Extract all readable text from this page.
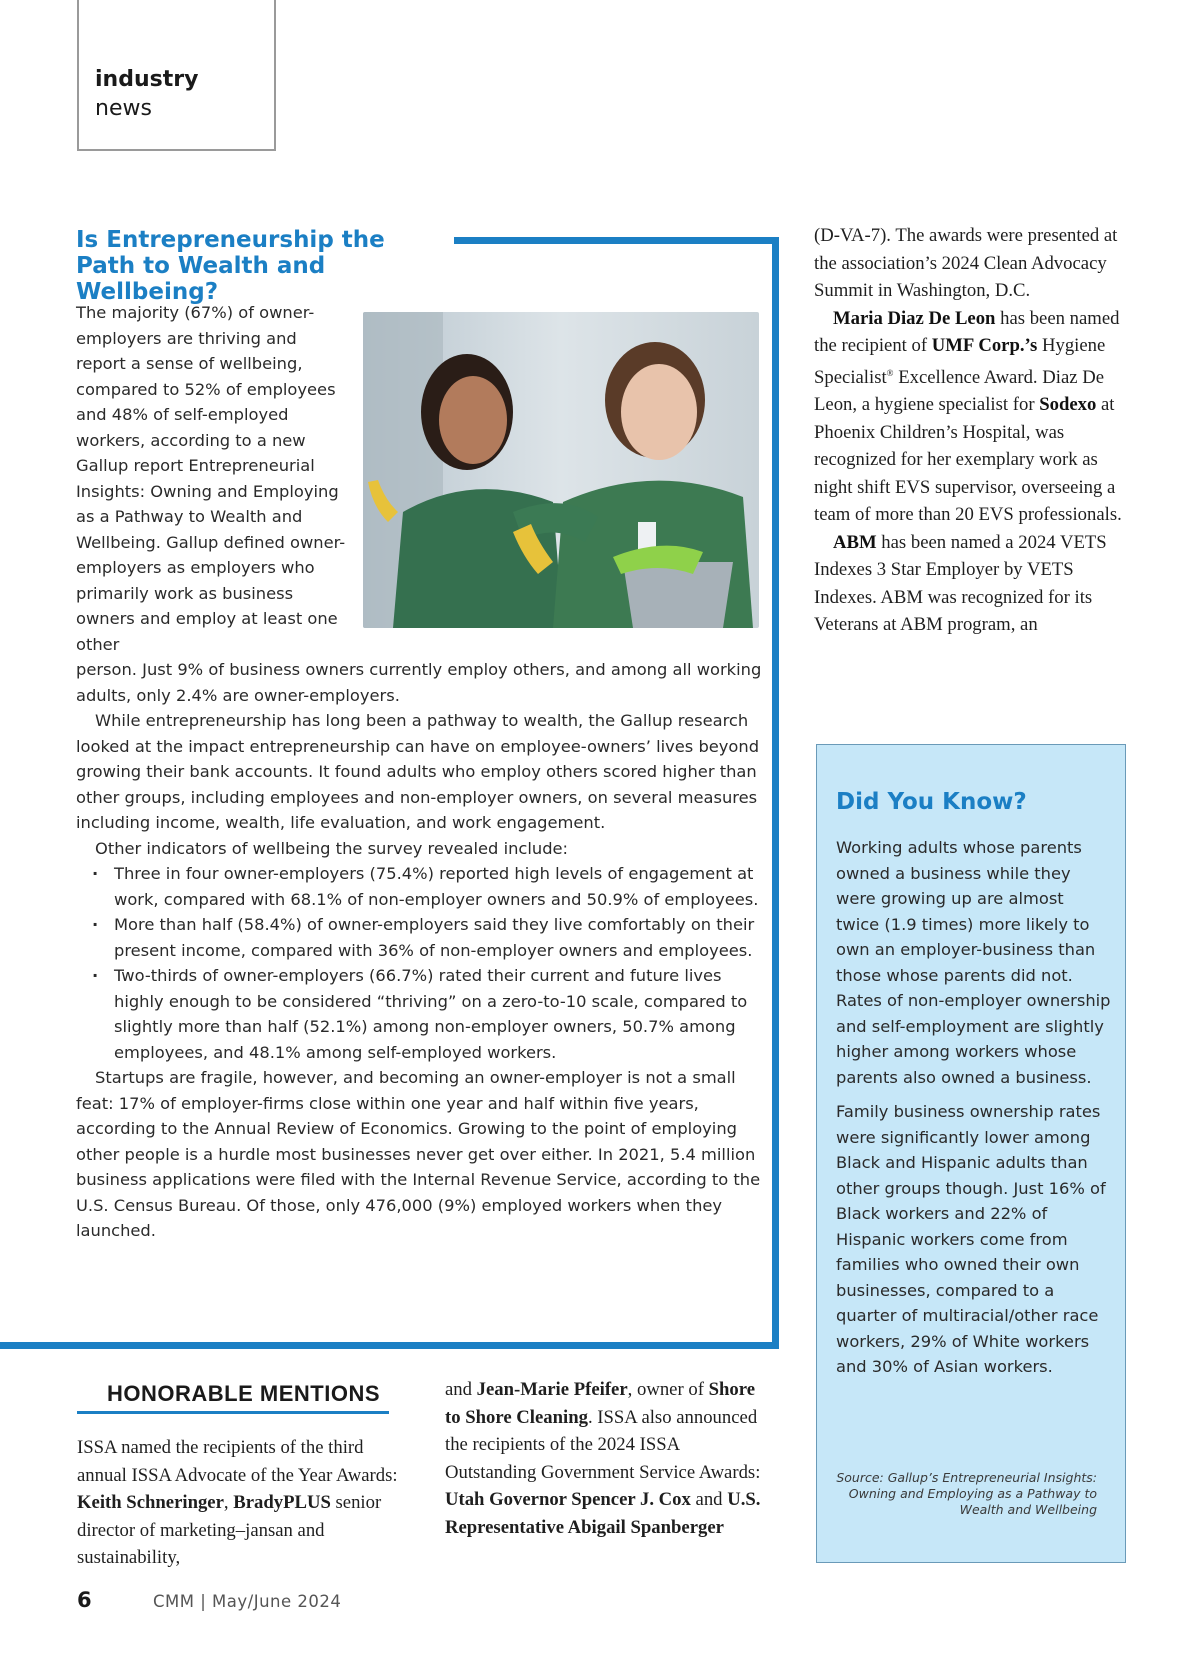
industry
news
Is Entrepreneurship the Path to Wealth and Wellbeing?

The majority (67%) of owner-employers are thriving and report a sense of wellbeing, compared to 52% of employees and 48% of self-employed workers, according to a new Gallup report Entrepreneurial Insights: Owning and Employing as a Pathway to Wealth and Wellbeing. Gallup defined owner-employers as employers who primarily work as business owners and employ at least one other

person. Just 9% of business owners currently employ others, and among all working adults, only 2.4% are owner-employers.

While entrepreneurship has long been a pathway to wealth, the Gallup research looked at the impact entrepreneurship can have on employee-owners’ lives beyond growing their bank accounts. It found adults who employ others scored higher than other groups, including employees and non-employer owners, on several measures including income, wealth, life evaluation, and work engagement.

Other indicators of wellbeing the survey revealed include:

· Three in four owner-employers (75.4%) reported high levels of engagement at work, compared with 68.1% of non-employer owners and 50.9% of employees.
· More than half (58.4%) of owner-employers said they live comfortably on their present income, compared with 36% of non-employer owners and employees.
· Two-thirds of owner-employers (66.7%) rated their current and future lives highly enough to be considered “thriving” on a zero-to-10 scale, compared to slightly more than half (52.1%) among non-employer owners, 50.7% among employees, and 48.1% among self-employed workers.

Startups are fragile, however, and becoming an owner-employer is not a small feat: 17% of employer-firms close within one year and half within five years, according to the Annual Review of Economics. Growing to the point of employing other people is a hurdle most businesses never get over either. In 2021, 5.4 million business applications were filed with the Internal Revenue Service, according to the U.S. Census Bureau. Of those, only 476,000 (9%) employed workers when they launched.

(D-VA-7). The awards were presented at the association’s 2024 Clean Advocacy Summit in Washington, D.C.

Maria Diaz De Leon has been named the recipient of UMF Corp.’s Hygiene Specialist® Excellence Award. Diaz De Leon, a hygiene specialist for Sodexo at Phoenix Children’s Hospital, was recognized for her exemplary work as night shift EVS supervisor, overseeing a team of more than 20 EVS professionals.

ABM has been named a 2024 VETS Indexes 3 Star Employer by VETS Indexes. ABM was recognized for its Veterans at ABM program, an

Did You Know?

Working adults whose parents owned a business while they were growing up are almost twice (1.9 times) more likely to own an employer-business than those whose parents did not. Rates of non-employer ownership and self-employment are slightly higher among workers whose parents also owned a business.

Family business ownership rates were significantly lower among Black and Hispanic adults than other groups though. Just 16% of Black workers and 22% of Hispanic workers come from families who owned their own businesses, compared to a quarter of multiracial/other race workers, 29% of White workers and 30% of Asian workers.

Source: Gallup’s Entrepreneurial Insights: Owning and Employing as a Pathway to Wealth and Wellbeing
HONORABLE MENTIONS

ISSA named the recipients of the third annual ISSA Advocate of the Year Awards: Keith Schneringer, BradyPLUS senior director of marketing–jansan and sustainability,

and Jean-Marie Pfeifer, owner of Shore to Shore Cleaning. ISSA also announced the recipients of the 2024 ISSA Outstanding Government Service Awards: Utah Governor Spencer J. Cox and U.S. Representative Abigail Spanberger

6	CMM | May/June 2024
